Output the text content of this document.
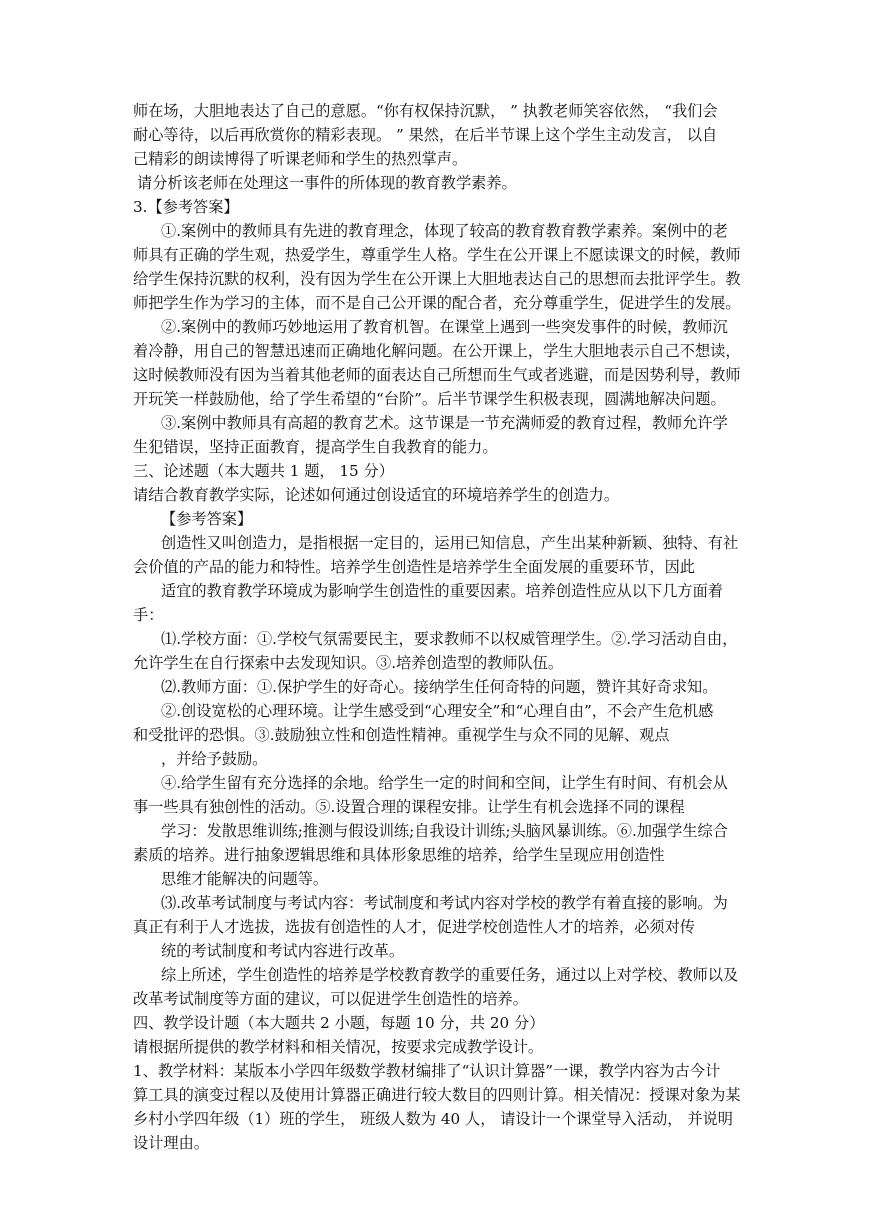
师在场，大胆地表达了自己的意愿。“你有权保持沉默， ” 执教老师笑容依然， “我们会
耐心等待，以后再欣赏你的精彩表现。 ” 果然，在后半节课上这个学生主动发言， 以自
己精彩的朗读博得了听课老师和学生的热烈掌声。
请分析该老师在处理这一事件的所体现的教育教学素养。
3.【参考答案】
①.案例中的教师具有先进的教育理念，体现了较高的教育教育教学素养。案例中的老
师具有正确的学生观，热爱学生，尊重学生人格。学生在公开课上不愿读课文的时候，教师
给学生保持沉默的权利，没有因为学生在公开课上大胆地表达自己的思想而去批评学生。教
师把学生作为学习的主体，而不是自己公开课的配合者，充分尊重学生，促进学生的发展。
②.案例中的教师巧妙地运用了教育机智。在课堂上遇到一些突发事件的时候，教师沉
着冷静，用自己的智慧迅速而正确地化解问题。在公开课上，学生大胆地表示自己不想读，
这时候教师没有因为当着其他老师的面表达自己所想而生气或者逃避，而是因势利导，教师
开玩笑一样鼓励他，给了学生希望的“台阶”。后半节课学生积极表现，圆满地解决问题。
③.案例中教师具有高超的教育艺术。这节课是一节充满师爱的教育过程，教师允许学
生犯错误，坚持正面教育，提高学生自我教育的能力。
三、论述题（本大题共 1 题， 15 分）
请结合教育教学实际，论述如何通过创设适宜的环境培养学生的创造力。
【参考答案】
创造性又叫创造力，是指根据一定目的，运用已知信息，产生出某种新颖、独特、有社
会价值的产品的能力和特性。培养学生创造性是培养学生全面发展的重要环节，因此
适宜的教育教学环境成为影响学生创造性的重要因素。培养创造性应从以下几方面着
手：
⑴.学校方面：①.学校气氛需要民主，要求教师不以权威管理学生。②.学习活动自由，
允许学生在自行探索中去发现知识。③.培养创造型的教师队伍。
⑵.教师方面：①.保护学生的好奇心。接纳学生任何奇特的问题，赞许其好奇求知。
②.创设宽松的心理环境。让学生感受到“心理安全”和“心理自由”，不会产生危机感
和受批评的恐惧。③.鼓励独立性和创造性精神。重视学生与众不同的见解、观点
，并给予鼓励。
④.给学生留有充分选择的余地。给学生一定的时间和空间，让学生有时间、有机会从
事一些具有独创性的活动。⑤.设置合理的课程安排。让学生有机会选择不同的课程
学习：发散思维训练;推测与假设训练;自我设计训练;头脑风暴训练。⑥.加强学生综合
素质的培养。进行抽象逻辑思维和具体形象思维的培养，给学生呈现应用创造性
思维才能解决的问题等。
⑶.改革考试制度与考试内容：考试制度和考试内容对学校的教学有着直接的影响。为
真正有利于人才选拔，选拔有创造性的人才，促进学校创造性人才的培养，必须对传
统的考试制度和考试内容进行改革。
综上所述，学生创造性的培养是学校教育教学的重要任务，通过以上对学校、教师以及
改革考试制度等方面的建议，可以促进学生创造性的培养。
四、教学设计题（本大题共 2 小题，每题 10 分，共 20 分）
请根据所提供的教学材料和相关情况，按要求完成教学设计。
1、教学材料：某版本小学四年级数学教材编排了“认识计算器”一课，教学内容为古今计
算工具的演变过程以及使用计算器正确进行较大数目的四则计算。相关情况：授课对象为某
乡村小学四年级（1）班的学生， 班级人数为 40 人， 请设计一个课堂导入活动， 并说明
设计理由。
